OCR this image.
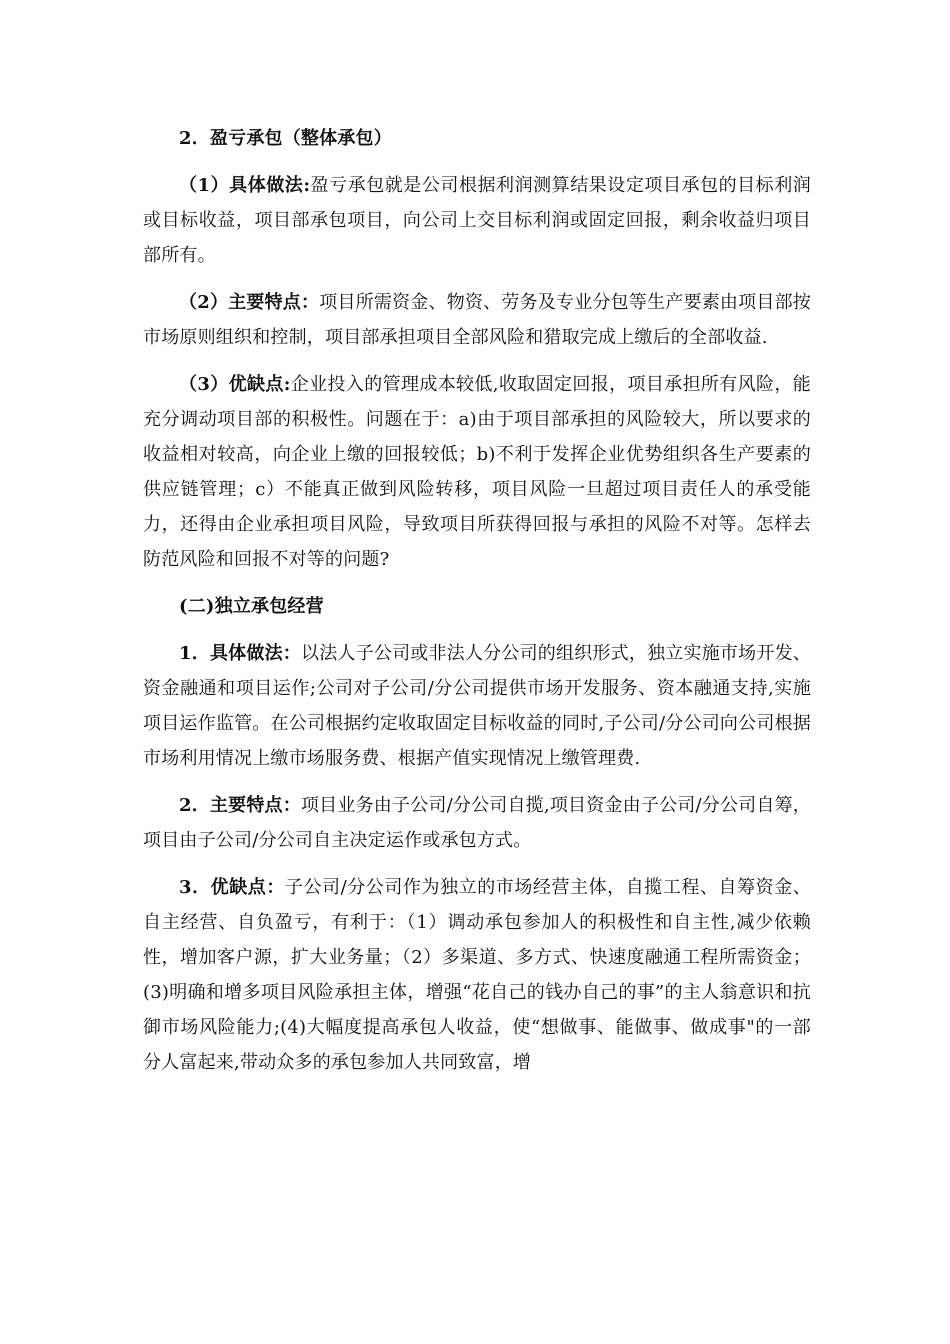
2．盈亏承包（整体承包）

（1）具体做法:盈亏承包就是公司根据利润测算结果设定项目承包的目标利润或目标收益，项目部承包项目，向公司上交目标利润或固定回报，剩余收益归项目部所有。

（2）主要特点：项目所需资金、物资、劳务及专业分包等生产要素由项目部按市场原则组织和控制，项目部承担项目全部风险和猎取完成上缴后的全部收益.

（3）优缺点:企业投入的管理成本较低,收取固定回报，项目承担所有风险，能充分调动项目部的积极性。问题在于：a)由于项目部承担的风险较大，所以要求的收益相对较高，向企业上缴的回报较低；b)不利于发挥企业优势组织各生产要素的供应链管理；c）不能真正做到风险转移，项目风险一旦超过项目责任人的承受能力，还得由企业承担项目风险，导致项目所获得回报与承担的风险不对等。怎样去防范风险和回报不对等的问题?

(二)独立承包经营

1．具体做法：以法人子公司或非法人分公司的组织形式，独立实施市场开发、资金融通和项目运作;公司对子公司/分公司提供市场开发服务、资本融通支持,实施项目运作监管。在公司根据约定收取固定目标收益的同时,子公司/分公司向公司根据市场利用情况上缴市场服务费、根据产值实现情况上缴管理费.

2．主要特点：项目业务由子公司/分公司自揽,项目资金由子公司/分公司自筹，项目由子公司/分公司自主决定运作或承包方式。

3．优缺点：子公司/分公司作为独立的市场经营主体，自揽工程、自筹资金、自主经营、自负盈亏，有利于：（1）调动承包参加人的积极性和自主性,减少依赖性，增加客户源，扩大业务量；（2）多渠道、多方式、快速度融通工程所需资金；(3)明确和增多项目风险承担主体，增强“花自己的钱办自己的事”的主人翁意识和抗御市场风险能力;(4)大幅度提高承包人收益，使“想做事、能做事、做成事"的一部分人富起来,带动众多的承包参加人共同致富，增
